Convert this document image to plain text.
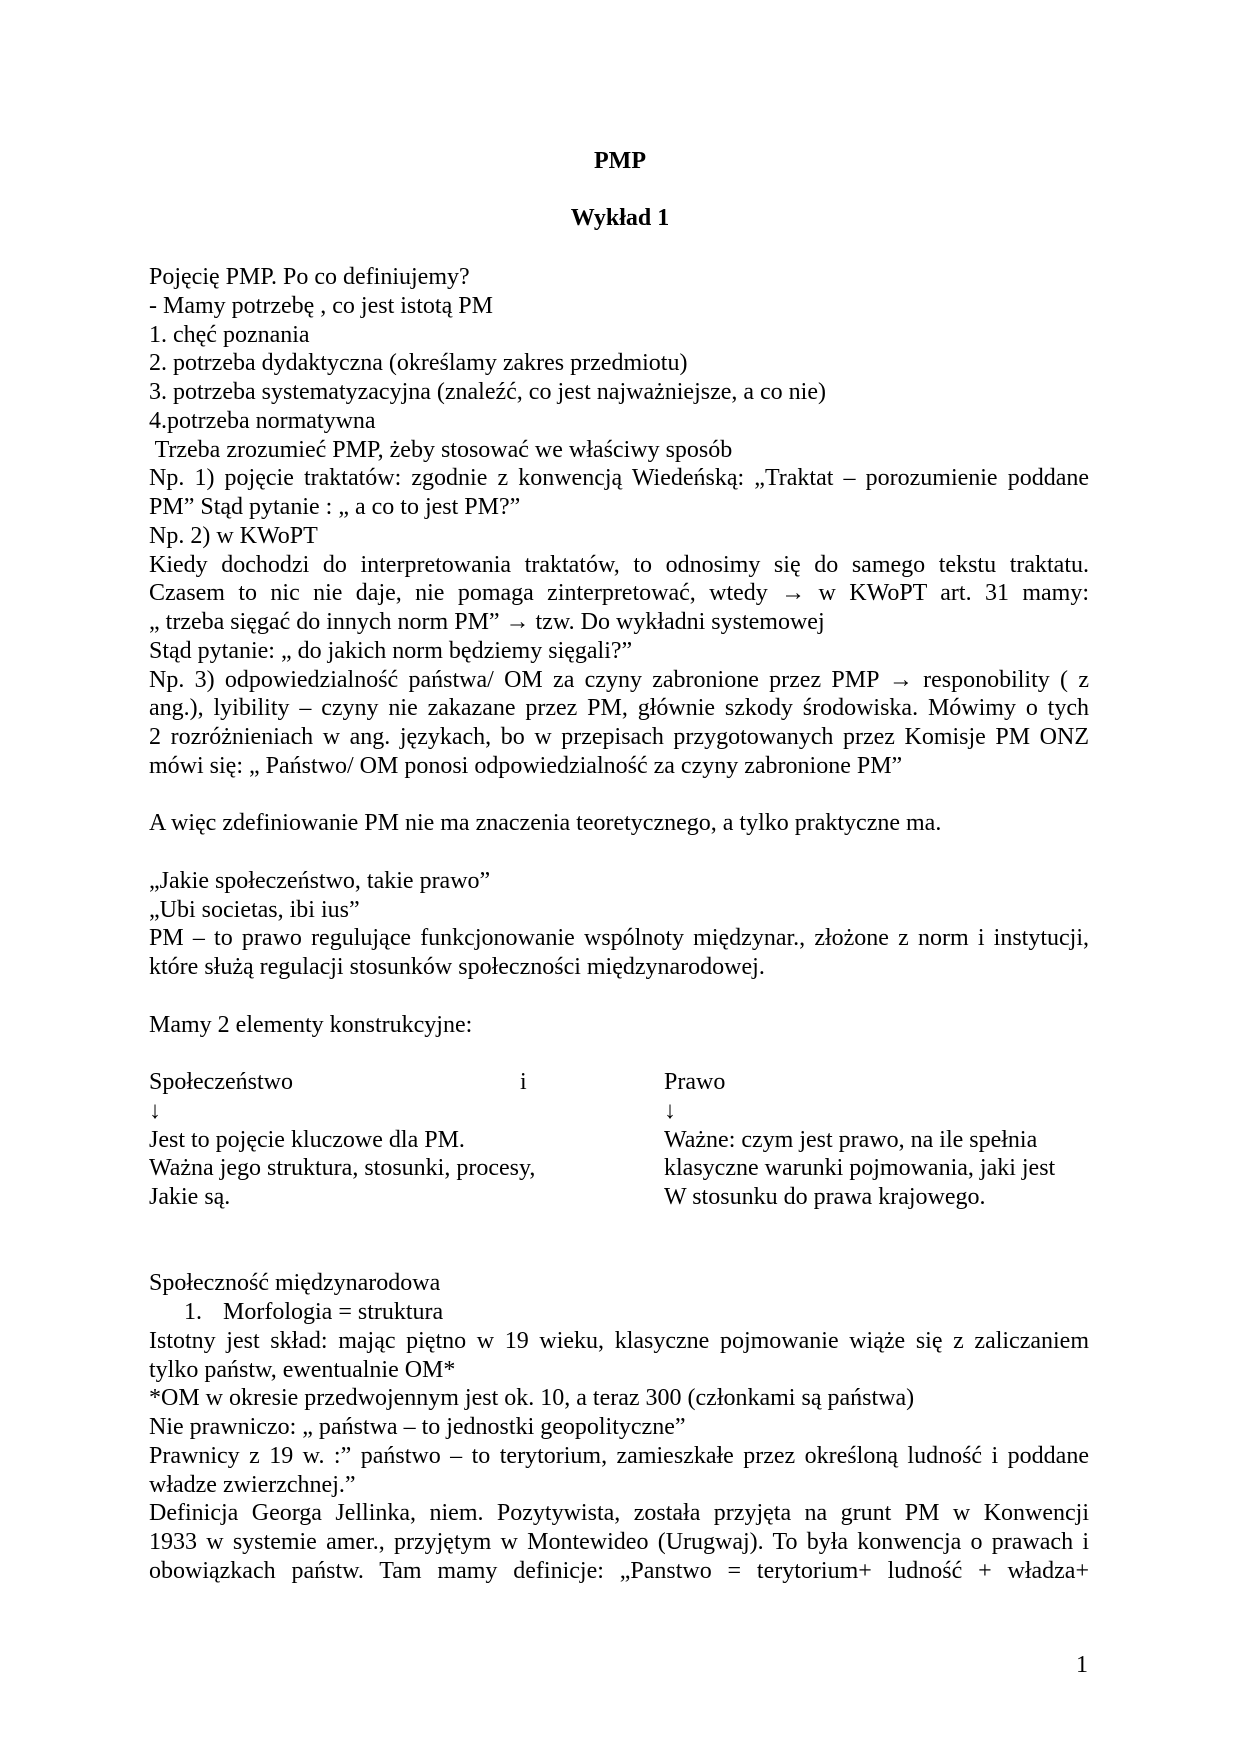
PMP
Wykład 1
Pojęcię PMP. Po co definiujemy?
- Mamy potrzebę , co jest istotą PM
1. chęć poznania
2. potrzeba dydaktyczna (określamy zakres przedmiotu)
3. potrzeba systematyzacyjna (znaleźć, co jest najważniejsze, a co nie)
4.potrzeba normatywna
Trzeba zrozumieć PMP, żeby stosować we właściwy sposób
Np. 1) pojęcie traktatów: zgodnie z konwencją Wiedeńską: „Traktat – porozumienie poddane
PM” Stąd pytanie : „ a co to jest PM?”
Np. 2) w KWoPT
Kiedy dochodzi do interpretowania traktatów, to odnosimy się do samego tekstu traktatu.
Czasem to nic nie daje, nie pomaga zinterpretować, wtedy → w KWoPT art. 31 mamy:
„ trzeba sięgać do innych norm PM” → tzw. Do wykładni systemowej
Stąd pytanie: „ do jakich norm będziemy sięgali?”
Np. 3) odpowiedzialność państwa/ OM za czyny zabronione przez PMP → responobility ( z
ang.), lyibility – czyny nie zakazane przez PM, głównie szkody środowiska. Mówimy o tych
2 rozróżnieniach w ang. językach, bo w przepisach przygotowanych przez Komisje PM ONZ
mówi się: „ Państwo/ OM ponosi odpowiedzialność za czyny zabronione PM”
A więc zdefiniowanie PM nie ma znaczenia teoretycznego, a tylko praktyczne ma.
„Jakie społeczeństwo, takie prawo”
„Ubi societas, ibi ius”
PM – to prawo regulujące funkcjonowanie wspólnoty międzynar., złożone z norm i instytucji,
które służą regulacji stosunków społeczności międzynarodowej.
Mamy 2 elementy konstrukcyjne:
Społeczeństwo	i	Prawo
↓	↓
Jest to pojęcie kluczowe dla PM.	Ważne: czym jest prawo, na ile spełnia
Ważna jego struktura, stosunki, procesy,	klasyczne warunki pojmowania, jaki jest
Jakie są.	W stosunku do prawa krajowego.
Społeczność międzynarodowa
1. Morfologia = struktura
Istotny jest skład: mając piętno w 19 wieku, klasyczne pojmowanie wiąże się z zaliczaniem
tylko państw, ewentualnie OM*
*OM w okresie przedwojennym jest ok. 10, a teraz 300 (członkami są państwa)
Nie prawniczo: „ państwa – to jednostki geopolityczne”
Prawnicy z 19 w. :” państwo – to terytorium, zamieszkałe przez określoną ludność i poddane
władze zwierzchnej.”
Definicja Georga Jellinka, niem. Pozytywista, została przyjęta na grunt PM w Konwencji
1933 w systemie amer., przyjętym w Montewideo (Urugwaj). To była konwencja o prawach i
obowiązkach państw. Tam mamy definicje: „Panstwo = terytorium+ ludność + władza+
1
